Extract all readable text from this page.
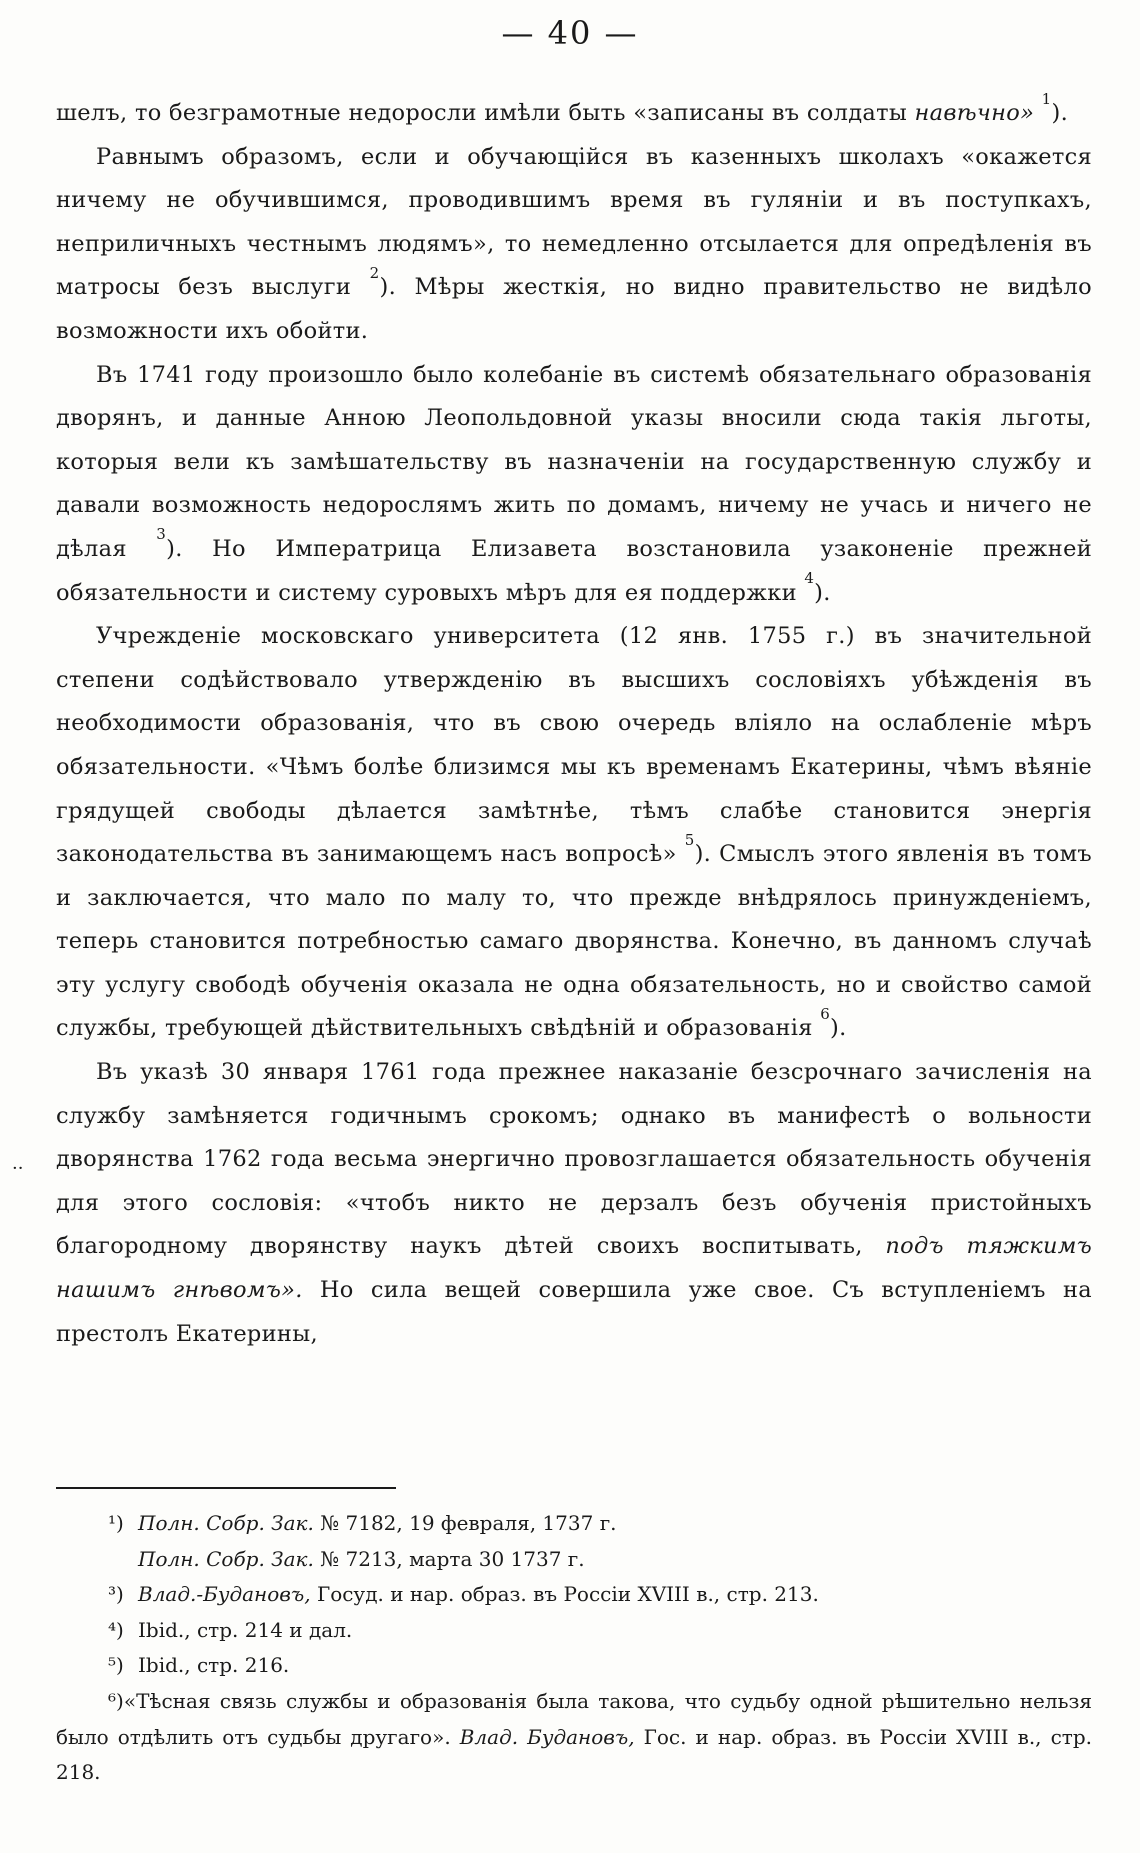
— 40 —

шелъ, то безграмотные недоросли имѣли быть «записаны въ солдаты навѣчно» $^1$).

Равнымъ образомъ, если и обучающійся въ казенныхъ школахъ «окажется ничему не обучившимся, проводившимъ время въ гуляніи и въ поступкахъ, неприличныхъ честнымъ людямъ», то немедленно отсылается для опредѣленія въ матросы безъ выслуги $^2$). Мѣры жесткія, но видно правительство не видѣло возможности ихъ обойти.

Въ 1741 году произошло было колебаніе въ системѣ обязательнаго образованія дворянъ, и данные Анною Леопольдовной указы вносили сюда такія льготы, которыя вели къ замѣшательству въ назначеніи на государственную службу и давали возможность недорослямъ жить по домамъ, ничему не учась и ничего не дѣлая $^3$). Но Императрица Елизавета возстановила узаконеніе прежней обязательности и систему суровыхъ мѣръ для ея поддержки $^4$).

Учрежденіе московскаго университета (12 янв. 1755 г.) въ значительной степени содѣйствовало утвержденію въ высшихъ сословіяхъ убѣжденія въ необходимости образованія, что въ свою очередь вліяло на ослабленіе мѣръ обязательности. «Чѣмъ болѣе близимся мы къ временамъ Екатерины, чѣмъ вѣяніе грядущей свободы дѣлается замѣтнѣе, тѣмъ слабѣе становится энергія законодательства въ занимающемъ насъ вопросѣ» $^5$). Смыслъ этого явленія въ томъ и заключается, что мало по малу то, что прежде внѣдрялось принужденіемъ, теперь становится потребностью самаго дворянства. Конечно, въ данномъ случаѣ эту услугу свободѣ обученія оказала не одна обязательность, но и свойство самой службы, требующей дѣйствительныхъ свѣдѣній и образованія $^6$).

Въ указѣ 30 января 1761 года прежнее наказаніе безсрочнаго зачисленія на службу замѣняется годичнымъ срокомъ; однако въ манифестѣ о вольности дворянства 1762 года весьма энергично провозглашается обязательность обученія для этого сословія: «чтобъ никто не дерзалъ безъ обученія пристойныхъ благородному дворянству наукъ дѣтей своихъ воспитывать, подъ тяжкимъ нашимъ гнѣвомъ». Но сила вещей совершила уже свое. Съ вступленіемъ на престолъ Екатерины,

··

¹) Полн. Собр. Зак. № 7182, 19 февраля, 1737 г.

Полн. Собр. Зак. № 7213, марта 30 1737 г.

³) Влад.-Будановъ, Госуд. и нар. образ. въ Россіи XVIII в., стр. 213.

⁴) Ibid., стр. 214 и дал.

⁵) Ibid., стр. 216.

⁶)«Тѣсная связь службы и образованія была такова, что судьбу одной рѣшительно нельзя было отдѣлить отъ судьбы другаго». Влад. Будановъ, Гос. и нар. образ. въ Россіи XVIII в., стр. 218.
